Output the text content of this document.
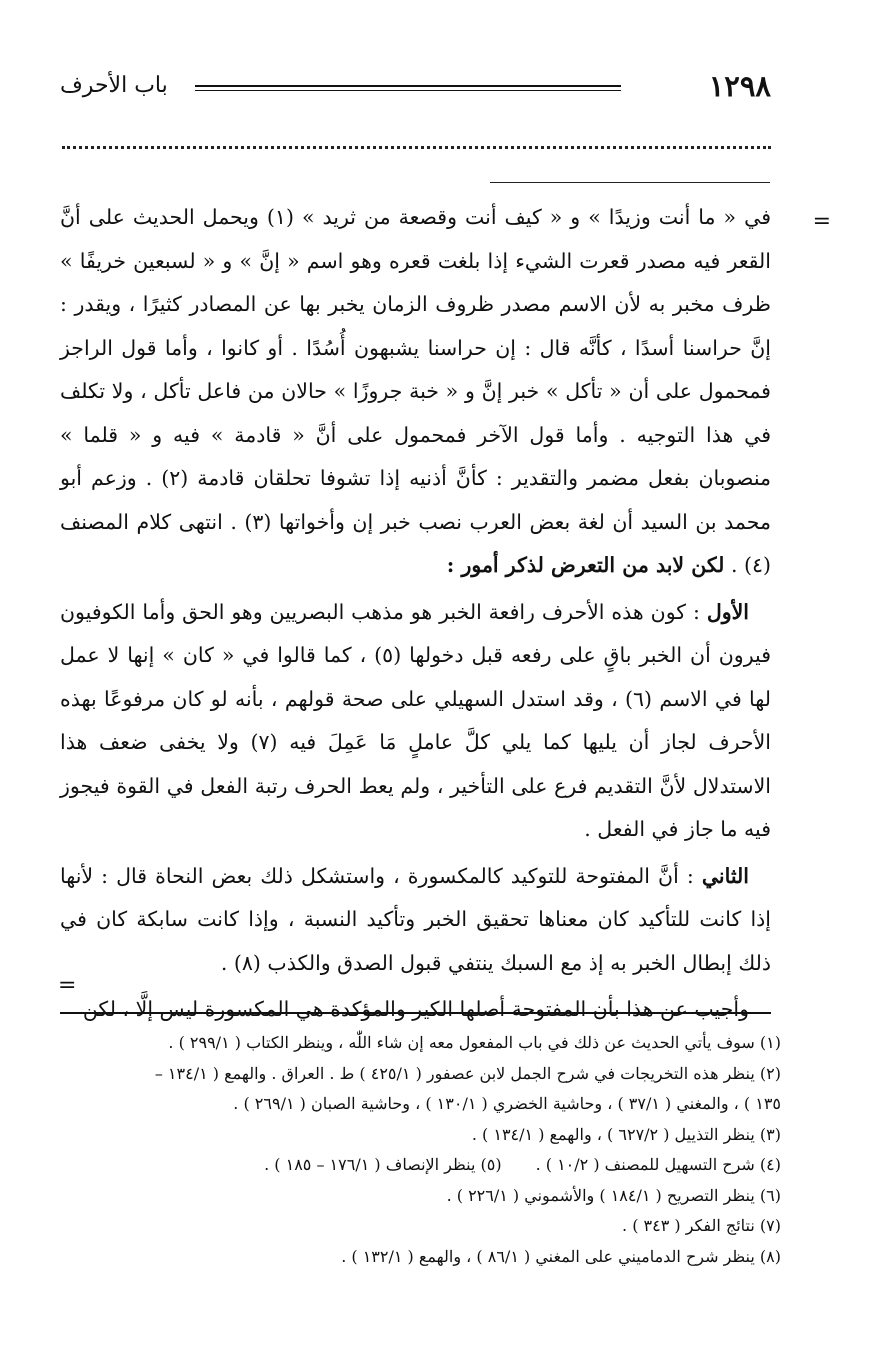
١٢٩٨
باب الأحرف
=

في « ما أنت وزيدًا » و « كيف أنت وقصعة من ثريد » (١) ويحمل الحديث على أنَّ القعر فيه مصدر قعرت الشيء إذا بلغت قعره وهو اسم « إنَّ » و « لسبعين خريفًا » ظرف مخبر به لأن الاسم مصدر ظروف الزمان يخبر بها عن المصادر كثيرًا ، ويقدر : إنَّ حراسنا أسدًا ، كأنَّه قال : إن حراسنا يشبهون أُسُدًا . أو كانوا ، وأما قول الراجز فمحمول على أن « تأكل » خبر إنَّ و « خبة جروزًا » حالان من فاعل تأكل ، ولا تكلف في هذا التوجيه . وأما قول الآخر فمحمول على أنَّ « قادمة » فيه و « قلما » منصوبان بفعل مضمر والتقدير : كأنَّ أذنيه إذا تشوفا تحلقان قادمة (٢) . وزعم أبو محمد بن السيد أن لغة بعض العرب نصب خبر إن وأخواتها (٣) . انتهى كلام المصنف (٤) . لكن لابد من التعرض لذكر أمور :

الأول : كون هذه الأحرف رافعة الخبر هو مذهب البصريين وهو الحق وأما الكوفيون فيرون أن الخبر باقٍ على رفعه قبل دخولها (٥) ، كما قالوا في « كان » إنها لا عمل لها في الاسم (٦) ، وقد استدل السهيلي على صحة قولهم ، بأنه لو كان مرفوعًا بهذه الأحرف لجاز أن يليها كما يلي كلَّ عاملٍ مَا عَمِلَ فيه (٧) ولا يخفى ضعف هذا الاستدلال لأنَّ التقديم فرع على التأخير ، ولم يعط الحرف رتبة الفعل في القوة فيجوز فيه ما جاز في الفعل .

الثاني : أنَّ المفتوحة للتوكيد كالمكسورة ، واستشكل ذلك بعض النحاة قال : لأنها إذا كانت للتأكيد كان معناها تحقيق الخبر وتأكيد النسبة ، وإذا كانت سابكة كان في ذلك إبطال الخبر به إذ مع السبك ينتفي قبول الصدق والكذب (٨) .

وأجيب عن هذا بأن المفتوحة أصلها الكير والمؤكدة هي المكسورة ليس إلَّا ، لكن

=

(١) سوف يأتي الحديث عن ذلك في باب المفعول معه إن شاء اللّٰه ، وينظر الكتاب ( ٢٩٩/١ ) .

(٢) ينظر هذه التخريجات في شرح الجمل لابن عصفور ( ٤٢٥/١ ) ط . العراق . والهمع ( ١٣٤/١ –

١٣٥ ) ، والمغني ( ٣٧/١ ) ، وحاشية الخضري ( ١٣٠/١ ) ، وحاشية الصبان ( ٢٦٩/١ ) .

(٣) ينظر التذييل ( ٦٢٧/٢ ) ، والهمع ( ١٣٤/١ ) .

(٤) شرح التسهيل للمصنف ( ١٠/٢ ) .

(٥) ينظر الإنصاف ( ١٧٦/١ – ١٨٥ ) .

(٦) ينظر التصريح ( ١٨٤/١ ) والأشموني ( ٢٢٦/١ ) .

(٧) نتائج الفكر ( ٣٤٣ ) .

(٨) ينظر شرح الدماميني على المغني ( ٨٦/١ ) ، والهمع ( ١٣٢/١ ) .
